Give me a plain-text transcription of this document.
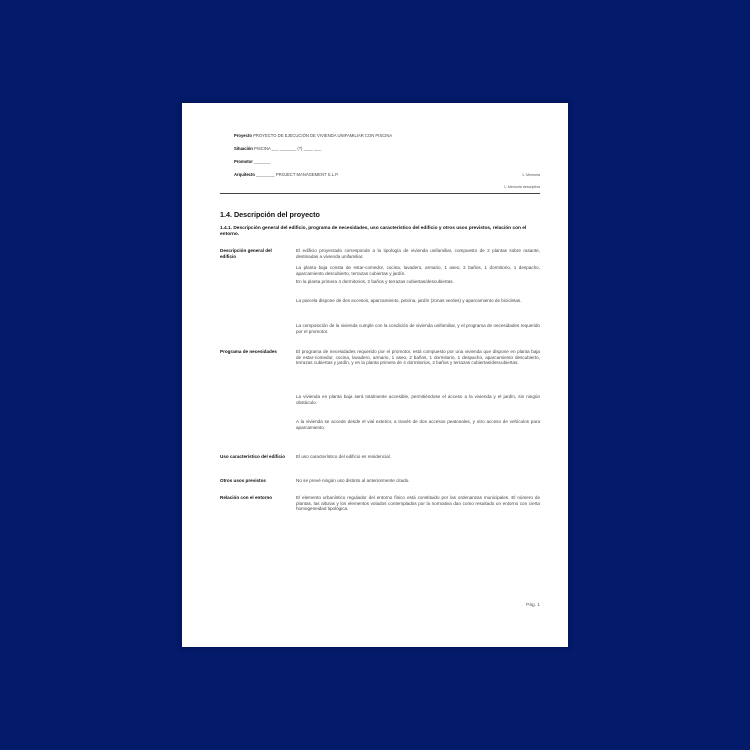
Proyecto PROYECTO DE EJECUCIÓN DE VIVIENDA UNIFAMILIAR CON PISCINA
Situación PISCINA ___ _______ (?) ____ ___
Promotor _______
Arquitecto ________ PROJECT MANAGEMENT S.L.P.	1. Memoria
1. Memoria descriptiva
1.4. Descripción del proyecto
1.4.1. Descripción general del edificio, programa de necesidades, uso característico del edificio y otros usos previstos, relación con el entorno.
Descripción general del edificio
El edificio proyectado corresponde a la tipología de vivienda unifamiliar, compuesto de 2 plantas sobre rasante, destinadas a vivienda unifamiliar.
La planta baja consta de estar-comedor, cocina, lavadero, armario, 1 aseo, 2 baños, 1 dormitorio, 1 despacho, aparcamiento descubierto, terrazas cubiertas y jardín.
En la planta primera 4 dormitorios, 2 baños y terrazas cubiertas/descubiertas.
La parcela dispone de dos accesos, aparcamiento, piscina, jardín (zonas verdes) y aparcamiento de bicicletas.
La composición de la vivienda cumple con la condición de vivienda unifamiliar, y el programa de necesidades requerido por el promotor.
Programa de necesidades	El programa de necesidades requerido por el promotor, está compuesto por una vivienda que dispone en planta baja de estar-comedor, cocina, lavadero, armario, 1 aseo, 2 baños, 1 dormitorio, 1 despacho, aparcamiento descubierto, terrazas cubiertas y jardín, y en la planta primera de 4 dormitorios, 2 baños y terrazas cubiertas/descubiertas.
La vivienda en planta baja será totalmente accesible, permitiéndose el acceso a la vivienda y el jardín, sin ningún obstáculo.
A la vivienda se accede desde el vial exterior, a través de dos accesos peatonales, y otro acceso de vehículos para aparcamiento.
Uso característico del edificio El uso característico del edificio es residencial.
Otros usos previstos	No se prevé ningún uso distinto al anteriormente citado.
Relación con el entorno	El elemento urbanístico regulador del entorno físico está constituido por las ordenanzas municipales. El número de plantas, las alturas y los elementos volados contemplados por la normativa dan como resultado un entorno con cierta homogeneidad tipológica.
Pág. 1
